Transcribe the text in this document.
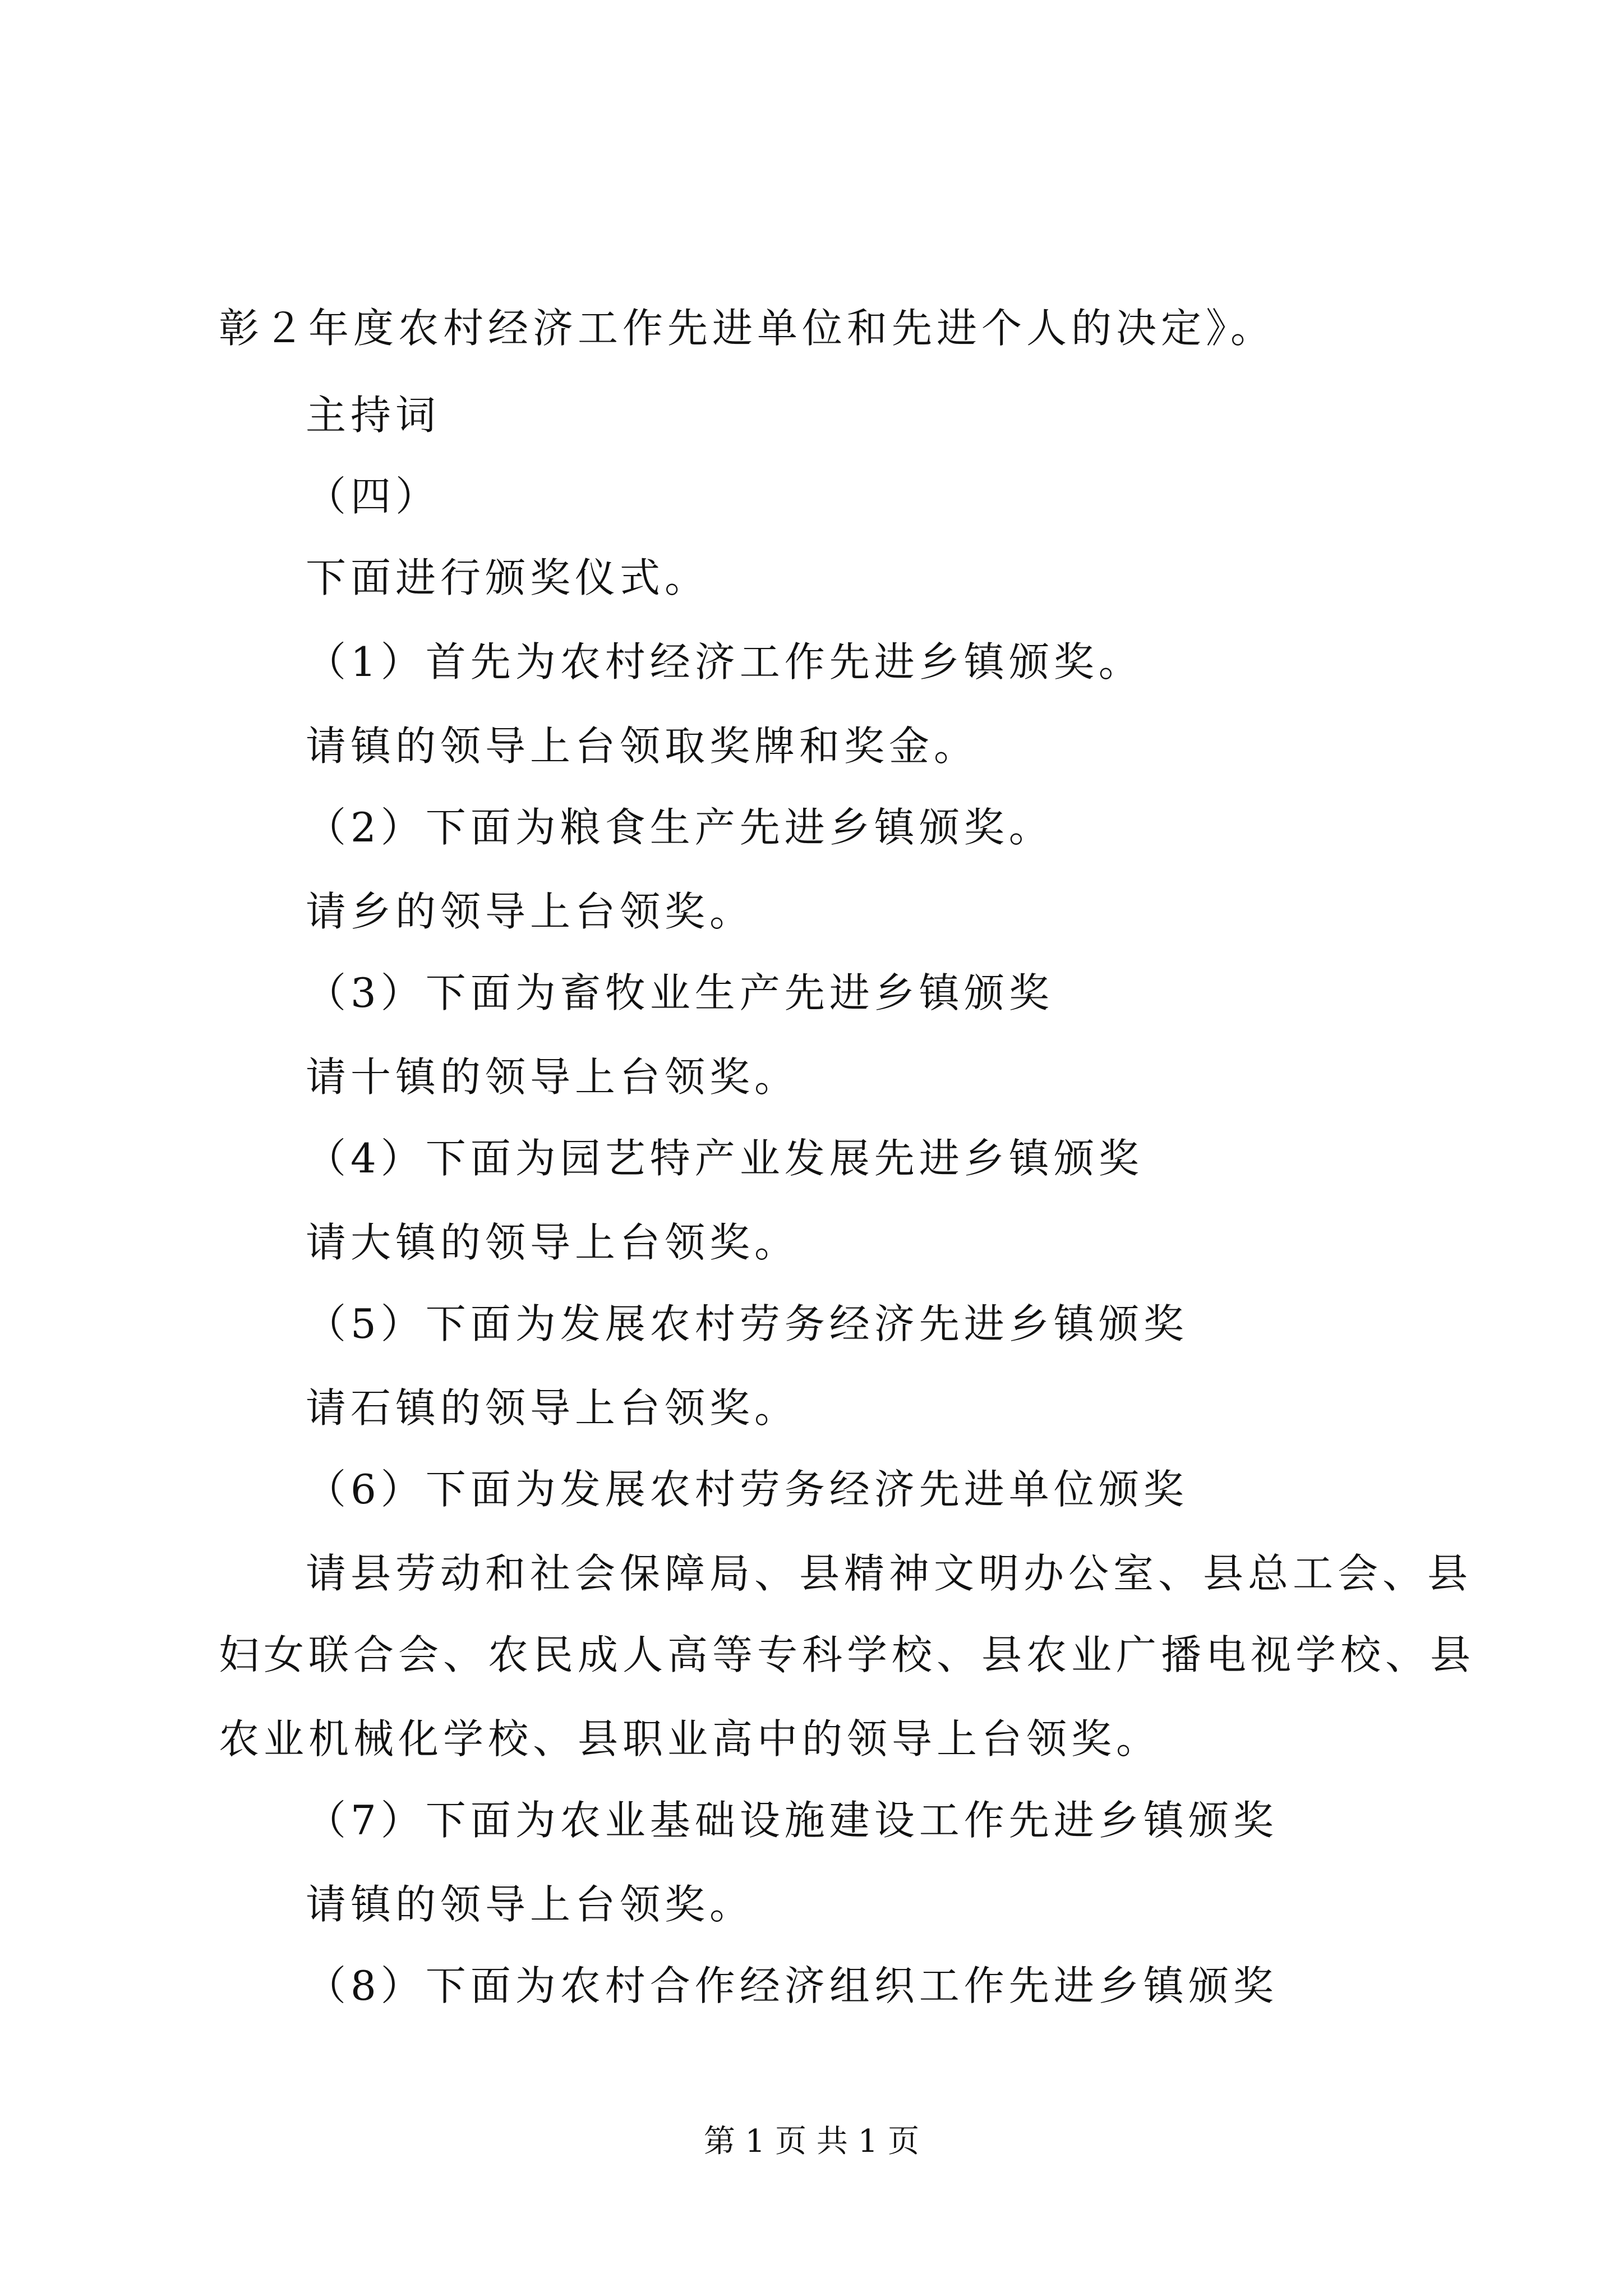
彰２年度农村经济工作先进单位和先进个人的决定》。
主持词
（四）
下面进行颁奖仪式。
（1）首先为农村经济工作先进乡镇颁奖。
请镇的领导上台领取奖牌和奖金。
（2）下面为粮食生产先进乡镇颁奖。
请乡的领导上台领奖。
（3）下面为畜牧业生产先进乡镇颁奖
请十镇的领导上台领奖。
（4）下面为园艺特产业发展先进乡镇颁奖
请大镇的领导上台领奖。
（5）下面为发展农村劳务经济先进乡镇颁奖
请石镇的领导上台领奖。
（6）下面为发展农村劳务经济先进单位颁奖
请县劳动和社会保障局、县精神文明办公室、县总工会、县
妇女联合会、农民成人高等专科学校、县农业广播电视学校、县
农业机械化学校、县职业高中的领导上台领奖。
（7）下面为农业基础设施建设工作先进乡镇颁奖
请镇的领导上台领奖。
（8）下面为农村合作经济组织工作先进乡镇颁奖
第 1 页 共 1 页
